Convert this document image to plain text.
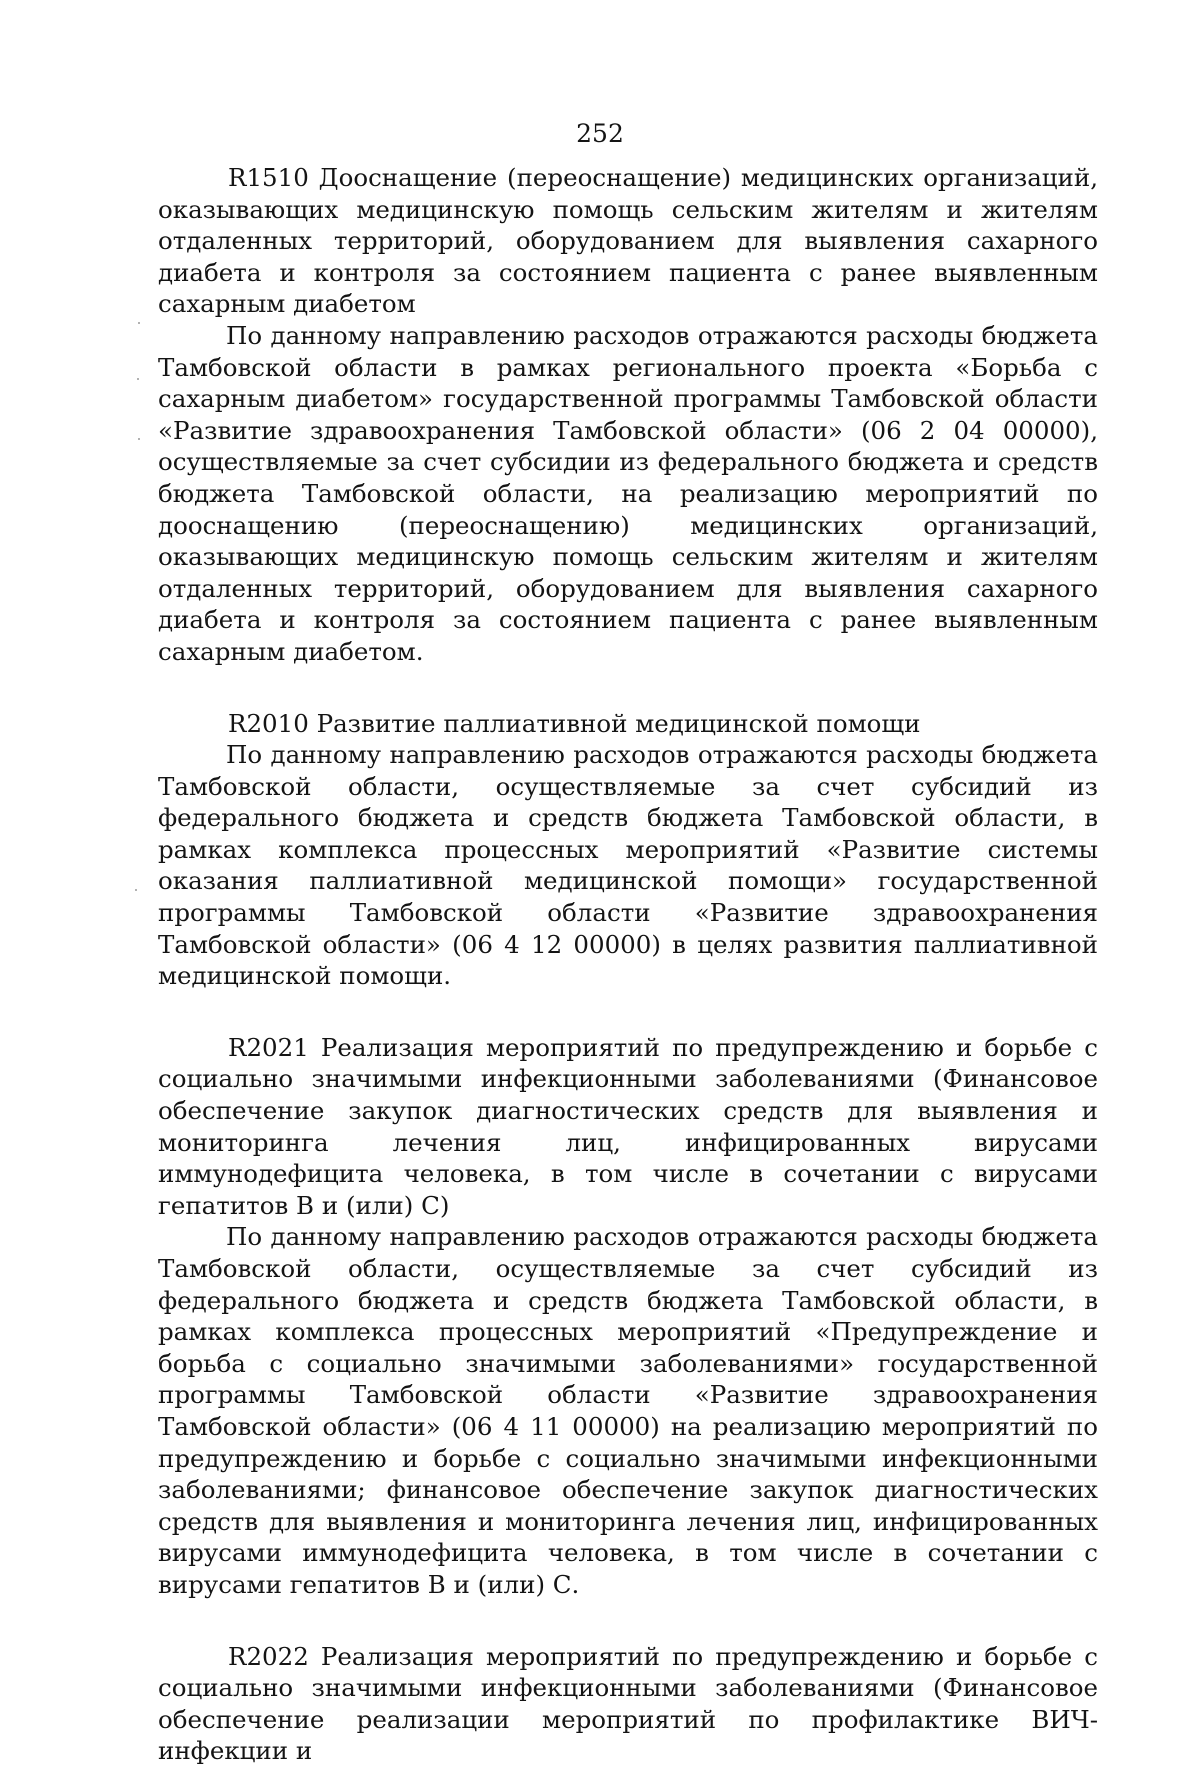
252

R1510 Дооснащение (переоснащение) медицинских организаций, оказывающих медицинскую помощь сельским жителям и жителям отдаленных территорий, оборудованием для выявления сахарного диабета и контроля за состоянием пациента с ранее выявленным сахарным диабетом

По данному направлению расходов отражаются расходы бюджета Тамбовской области в рамках регионального проекта «Борьба с сахарным диабетом» государственной программы Тамбовской области «Развитие здравоохранения Тамбовской области» (06 2 04 00000), осуществляемые за счет субсидии из федерального бюджета и средств бюджета Тамбовской области, на реализацию мероприятий по дооснащению (переоснащению) медицинских организаций, оказывающих медицинскую помощь сельским жителям и жителям отдаленных территорий, оборудованием для выявления сахарного диабета и контроля за состоянием пациента с ранее выявленным сахарным диабетом.

R2010 Развитие паллиативной медицинской помощи

По данному направлению расходов отражаются расходы бюджета Тамбовской области, осуществляемые за счет субсидий из федерального бюджета и средств бюджета Тамбовской области, в рамках комплекса процессных мероприятий «Развитие системы оказания паллиативной медицинской помощи» государственной программы Тамбовской области «Развитие здравоохранения Тамбовской области» (06 4 12 00000) в целях развития паллиативной медицинской помощи.

R2021 Реализация мероприятий по предупреждению и борьбе с социально значимыми инфекционными заболеваниями (Финансовое обеспечение закупок диагностических средств для выявления и мониторинга лечения лиц, инфицированных вирусами иммунодефицита человека, в том числе в сочетании с вирусами гепатитов В и (или) С)

По данному направлению расходов отражаются расходы бюджета Тамбовской области, осуществляемые за счет субсидий из федерального бюджета и средств бюджета Тамбовской области, в рамках комплекса процессных мероприятий «Предупреждение и борьба с социально значимыми заболеваниями» государственной программы Тамбовской области «Развитие здравоохранения Тамбовской области» (06 4 11 00000) на реализацию мероприятий по предупреждению и борьбе с социально значимыми инфекционными заболеваниями; финансовое обеспечение закупок диагностических средств для выявления и мониторинга лечения лиц, инфицированных вирусами иммунодефицита человека, в том числе в сочетании с вирусами гепатитов В и (или) С.

R2022 Реализация мероприятий по предупреждению и борьбе с социально значимыми инфекционными заболеваниями (Финансовое обеспечение реализации мероприятий по профилактике ВИЧ-инфекции и
